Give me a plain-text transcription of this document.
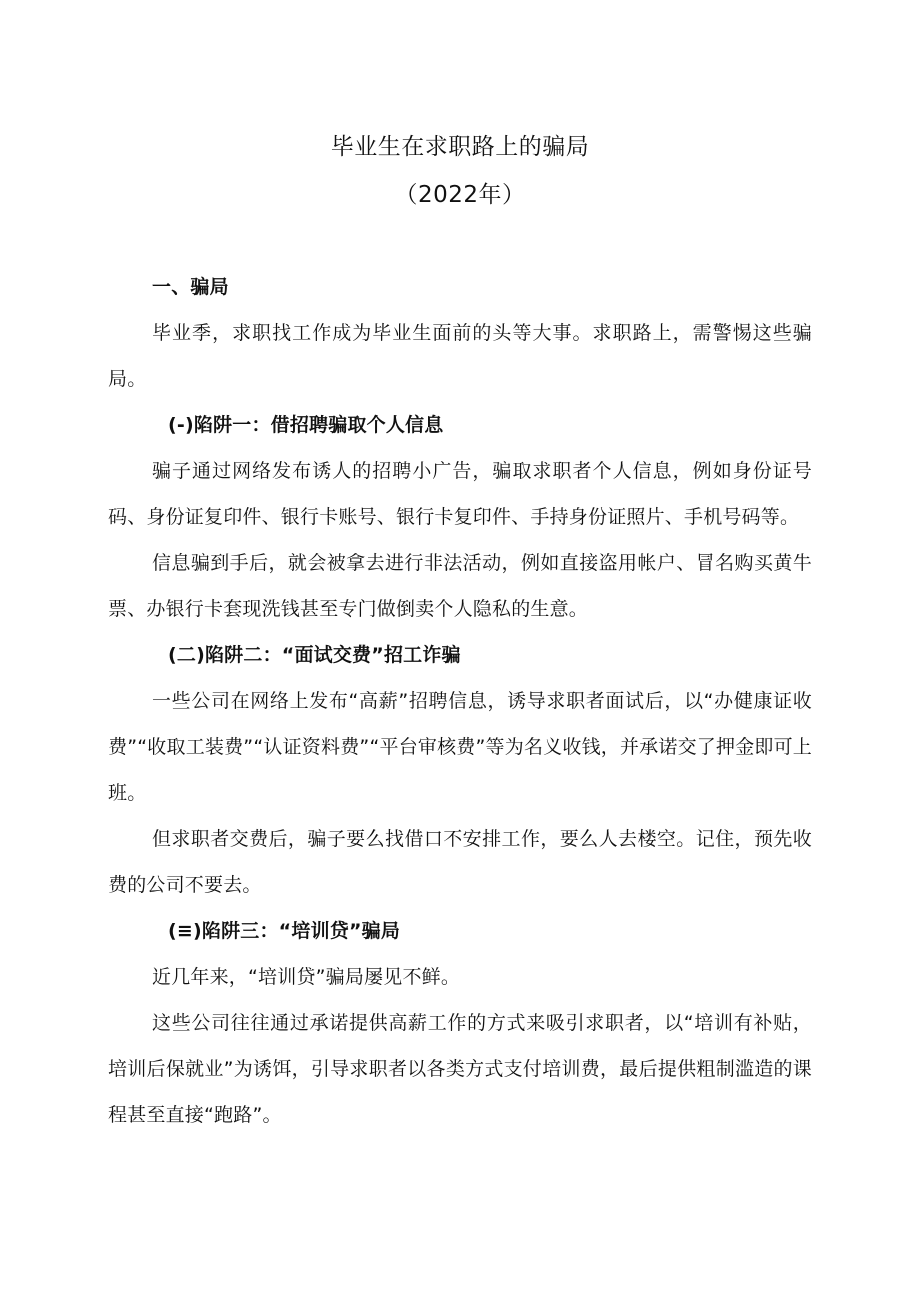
毕业生在求职路上的骗局
（2022年）

一、骗局

毕业季，求职找工作成为毕业生面前的头等大事。求职路上，需警惕这些骗局。

(-)陷阱一：借招聘骗取个人信息

骗子通过网络发布诱人的招聘小广告，骗取求职者个人信息，例如身份证号码、身份证复印件、银行卡账号、银行卡复印件、手持身份证照片、手机号码等。

信息骗到手后，就会被拿去进行非法活动，例如直接盗用帐户、冒名购买黄牛票、办银行卡套现洗钱甚至专门做倒卖个人隐私的生意。

(二)陷阱二：“面试交费”招工诈骗

一些公司在网络上发布“高薪”招聘信息，诱导求职者面试后，以“办健康证收费”“收取工装费”“认证资料费”“平台审核费”等为名义收钱，并承诺交了押金即可上班。

但求职者交费后，骗子要么找借口不安排工作，要么人去楼空。记住，预先收费的公司不要去。

(≡)陷阱三：“培训贷”骗局

近几年来，“培训贷”骗局屡见不鲜。

这些公司往往通过承诺提供高薪工作的方式来吸引求职者，以“培训有补贴，培训后保就业”为诱饵，引导求职者以各类方式支付培训费，最后提供粗制滥造的课程甚至直接“跑路”。
